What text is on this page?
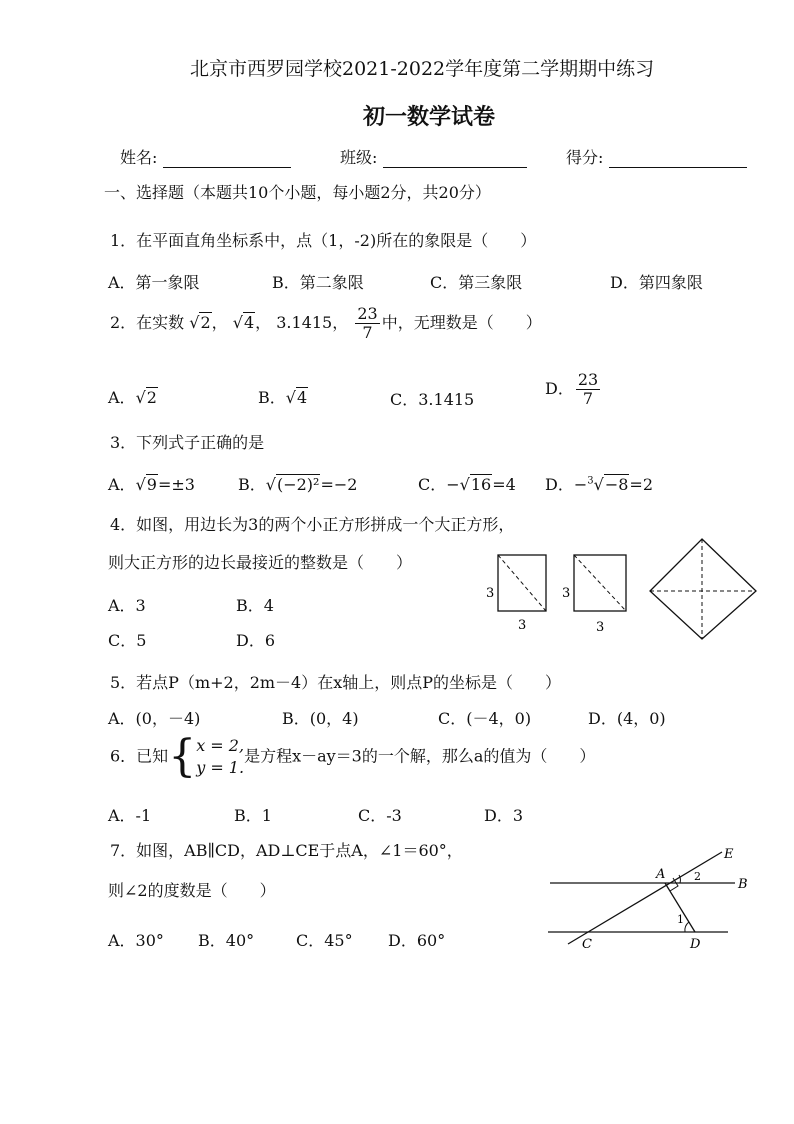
北京市西罗园学校2021-2022学年度第二学期期中练习
初一数学试卷
姓名:	班级:	得分:
一、选择题（本题共10个小题，每小题2分，共20分）
1．在平面直角坐标系中，点（1，-2)所在的象限是（　　）
A．第一象限	B．第二象限	C．第三象限	D．第四象限
2．在实数 √2， √4， 3.1415， $\frac{23}{7}$ 中，无理数是（　　）
A．√2	B．√4	C．3.1415
D． $\frac{23}{7}$
3．下列式子正确的是
A．√9=±3	B．√(−2)²=−2	C．−√16=4 D．−$^3$√−8=2
4．如图，用边长为3的两个小正方形拼成一个大正方形，
则大正方形的边长最接近的整数是（　　）
A．3	B．4
C．5	D．6
3
3
3
3
5．若点P（m+2，2m－4）在x轴上，则点P的坐标是（　　）
A．(0，－4)	B．(0，4)	C．(－4，0)	D．(4，0)
6．已知{ x = 2,
y = 1.
是方程x－ay＝3的一个解，那么a的值为（　　）
A．-1	B．1	C．-3	D．3
7．如图，AB∥CD，AD⊥CE于点A，∠1＝60°，
则∠2的度数是（　　）
A．30° B．40°	C．45° D．60°
E
A
B
C	D
1
2
